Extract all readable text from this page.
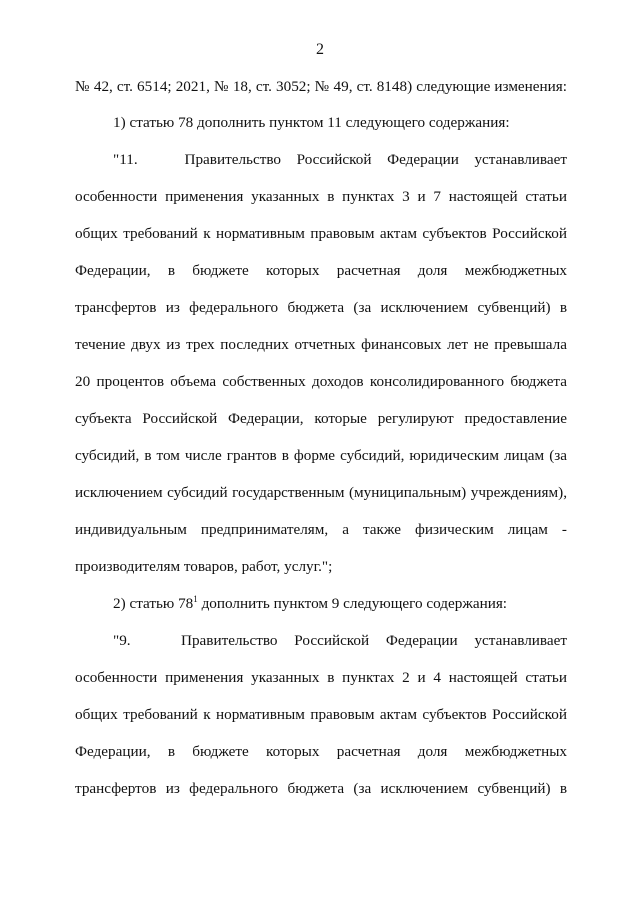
2
№ 42, ст. 6514; 2021, № 18, ст. 3052; № 49, ст. 8148) следующие изменения:
1) статью 78 дополнить пунктом 11 следующего содержания:
"11.   Правительство Российской Федерации устанавливает
особенности применения указанных в пунктах 3 и 7 настоящей статьи
общих требований к нормативным правовым актам субъектов Российской
Федерации, в бюджете которых расчетная доля межбюджетных
трансфертов из федерального бюджета (за исключением субвенций) в
течение двух из трех последних отчетных финансовых лет не превышала
20 процентов объема собственных доходов консолидированного бюджета
субъекта Российской Федерации, которые регулируют предоставление
субсидий, в том числе грантов в форме субсидий, юридическим лицам (за
исключением субсидий государственным (муниципальным) учреждениям),
индивидуальным предпринимателям, а также физическим лицам -
производителям товаров, работ, услуг.";
2) статью $78^1$ дополнить пунктом 9 следующего содержания:
"9.   Правительство Российской Федерации устанавливает
особенности применения указанных в пунктах 2 и 4 настоящей статьи
общих требований к нормативным правовым актам субъектов Российской
Федерации, в бюджете которых расчетная доля межбюджетных
трансфертов из федерального бюджета (за исключением субвенций) в
